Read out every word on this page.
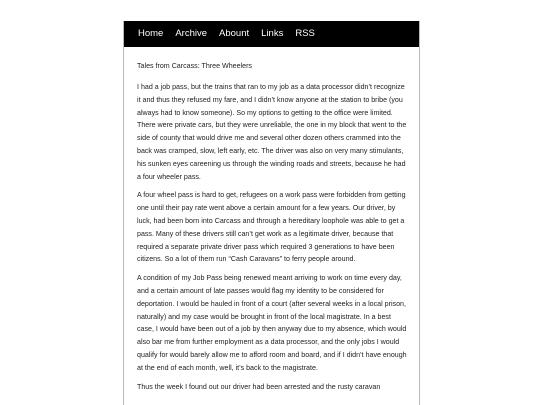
Home Archive Abount Links RSS
Tales from Carcass: Three Wheelers

I had a job pass, but the trains that ran to my job as a data processor didn’t recognize it and thus they refused my fare, and I didn’t know anyone at the station to bribe (you always had to know someone). So my options to getting to the office were limited. There were private cars, but they were unreliable, the one in my block that went to the side of county that would drive me and several other dozen others crammed into the back was cramped, slow, left early, etc. The driver was also on very many stimulants, his sunken eyes careening us through the winding roads and streets, because he had a four wheeler pass.

A four wheel pass is hard to get, refugees on a work pass were forbidden from getting one until their pay rate went above a certain amount for a few years. Our driver, by luck, had been born into Carcass and through a hereditary loophole was able to get a pass. Many of these drivers still can’t get work as a legitimate driver, because that required a separate private driver pass which required 3 generations to have been citizens. So a lot of them run “Cash Caravans” to ferry people around.

A condition of my Job Pass being renewed meant arriving to work on time every day, and a certain amount of late passes would flag my identity to be considered for deportation. I would be hauled in front of a court (after several weeks in a local prison, naturally) and my case would be brought in front of the local magistrate. In a best case, I would have been out of a job by then anyway due to my absence, which would also bar me from further employment as a data processor, and the only jobs I would qualify for would barely allow me to afford room and board, and if I didn’t have enough at the end of each month, well, it’s back to the magistrate.

Thus the week I found out our driver had been arrested and the rusty caravan
